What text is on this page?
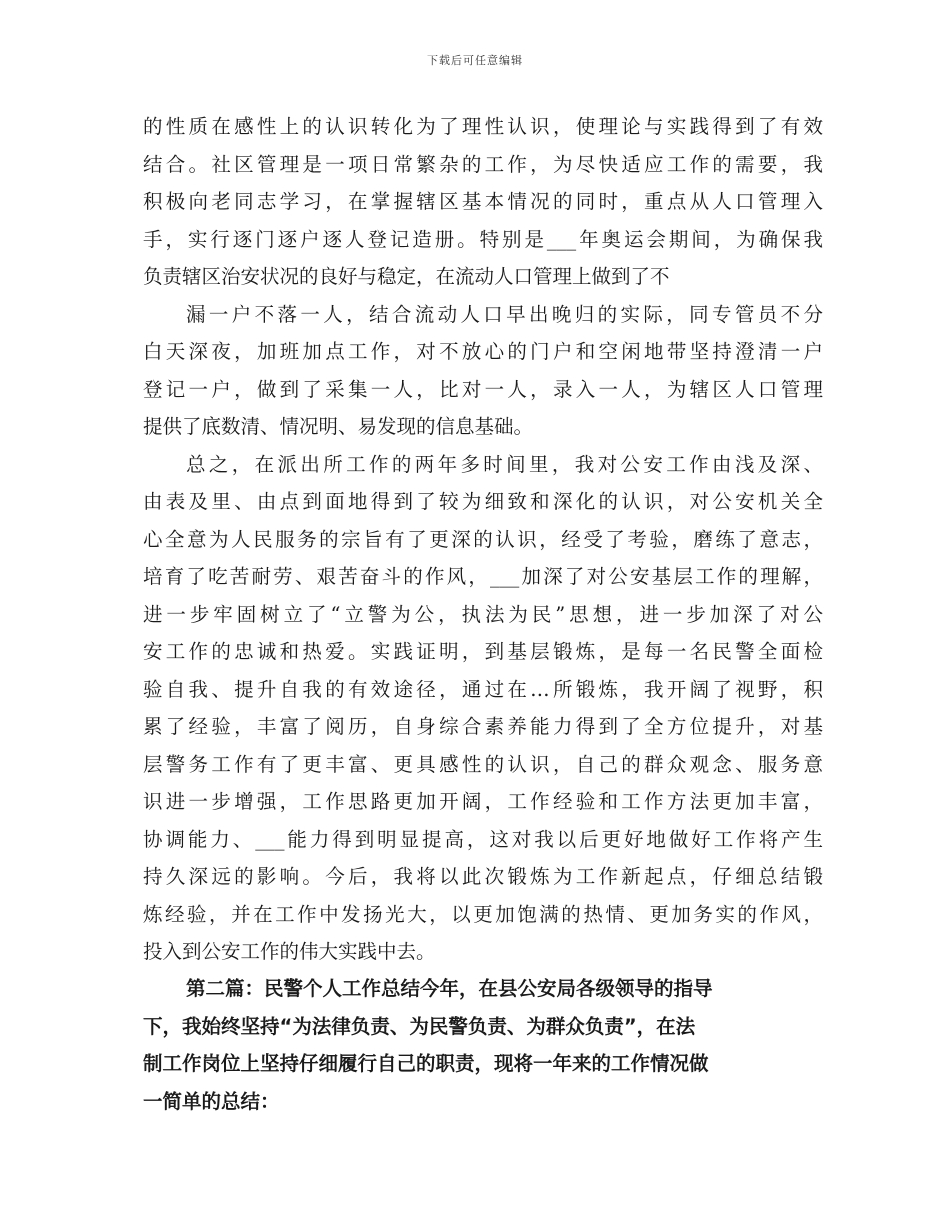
下载后可任意编辑
的性质在感性上的认识转化为了理性认识，使理论与实践得到了有效
结合。社区管理是一项日常繁杂的工作，为尽快适应工作的需要，我
积极向老同志学习，在掌握辖区基本情况的同时，重点从人口管理入
手，实行逐门逐户逐人登记造册。特别是___年奥运会期间，为确保我
负责辖区治安状况的良好与稳定，在流动人口管理上做到了不
漏一户不落一人，结合流动人口早出晚归的实际，同专管员不分
白天深夜，加班加点工作，对不放心的门户和空闲地带坚持澄清一户
登记一户，做到了采集一人，比对一人，录入一人，为辖区人口管理
提供了底数清、情况明、易发现的信息基础。
总之，在派出所工作的两年多时间里，我对公安工作由浅及深、
由表及里、由点到面地得到了较为细致和深化的认识，对公安机关全
心全意为人民服务的宗旨有了更深的认识，经受了考验，磨练了意志，
培育了吃苦耐劳、艰苦奋斗的作风，___加深了对公安基层工作的理解，
进一步牢固树立了“立警为公，执法为民”思想，进一步加深了对公
安工作的忠诚和热爱。实践证明，到基层锻炼，是每一名民警全面检
验自我、提升自我的有效途径，通过在…所锻炼，我开阔了视野，积
累了经验，丰富了阅历，自身综合素养能力得到了全方位提升，对基
层警务工作有了更丰富、更具感性的认识，自己的群众观念、服务意
识进一步增强，工作思路更加开阔，工作经验和工作方法更加丰富，
协调能力、___能力得到明显提高，这对我以后更好地做好工作将产生
持久深远的影响。今后，我将以此次锻炼为工作新起点，仔细总结锻
炼经验，并在工作中发扬光大，以更加饱满的热情、更加务实的作风，
投入到公安工作的伟大实践中去。
第二篇：民警个人工作总结今年，在县公安局各级领导的指导
下，我始终坚持“为法律负责、为民警负责、为群众负责”，在法
制工作岗位上坚持仔细履行自己的职责，现将一年来的工作情况做
一简单的总结：
